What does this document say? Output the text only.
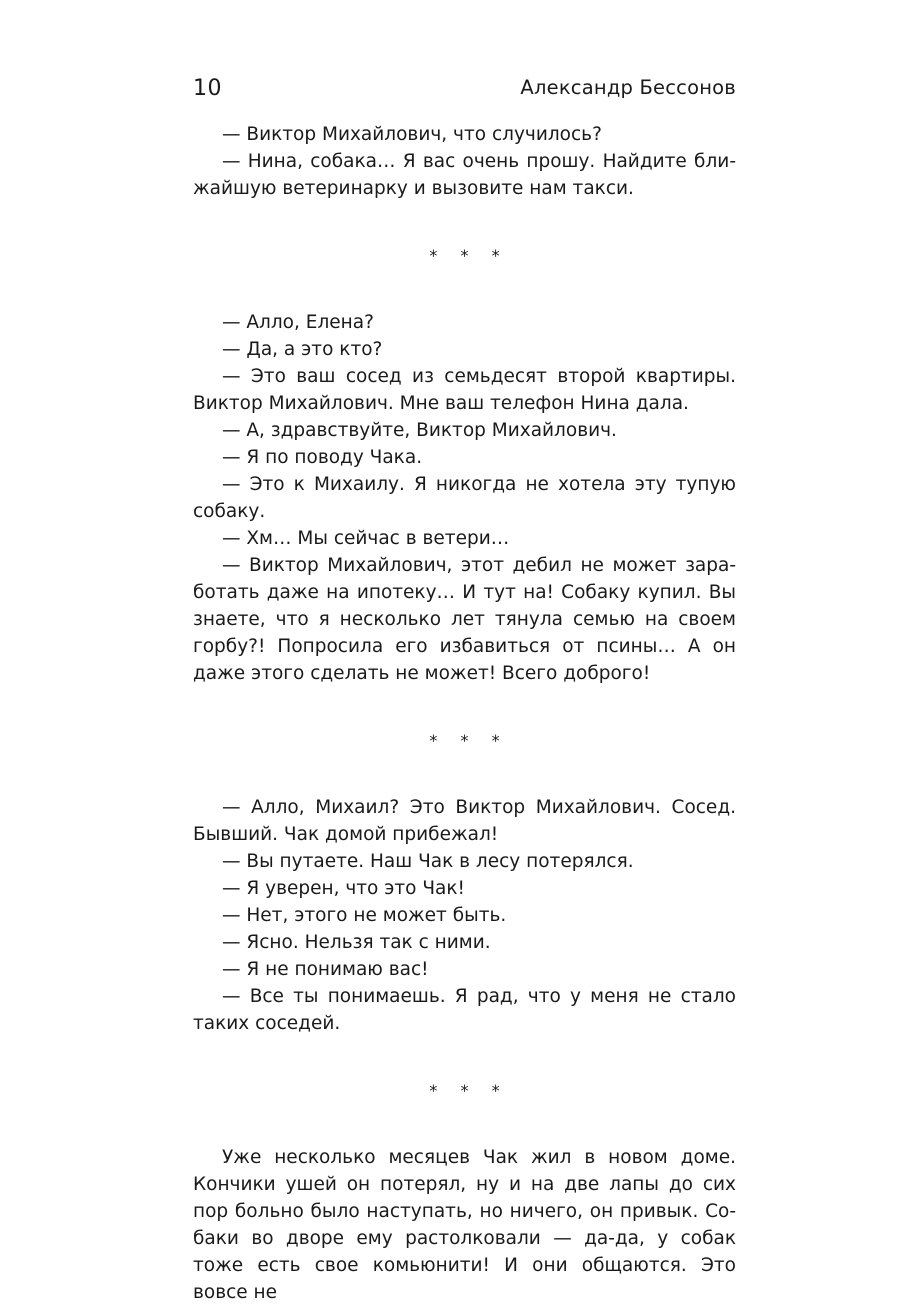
10	Александр Бессонов

— Виктор Михайлович, что случилось?

— Нина, собака… Я вас очень прошу. Найдите бли-жайшую ветеринарку и вызовите нам такси.

* * *

— Алло, Елена?

— Да, а это кто?

— Это ваш сосед из семьдесят второй квартиры. Виктор Михайлович. Мне ваш телефон Нина дала.

— А, здравствуйте, Виктор Михайлович.

— Я по поводу Чака.

— Это к Михаилу. Я никогда не хотела эту тупую собаку.

— Хм… Мы сейчас в ветери…

— Виктор Михайлович, этот дебил не может зара-ботать даже на ипотеку… И тут на! Собаку купил. Вы знаете, что я несколько лет тянула семью на своем горбу?! Попросила его избавиться от псины… А он даже этого сделать не может! Всего доброго!

* * *

— Алло, Михаил? Это Виктор Михайлович. Сосед. Бывший. Чак домой прибежал!

— Вы путаете. Наш Чак в лесу потерялся.

— Я уверен, что это Чак!

— Нет, этого не может быть.

— Ясно. Нельзя так с ними.

— Я не понимаю вас!

— Все ты понимаешь. Я рад, что у меня не стало таких соседей.

* * *

Уже несколько месяцев Чак жил в новом доме. Кончики ушей он потерял, ну и на две лапы до сих пор больно было наступать, но ничего, он привык. Со-баки во дворе ему растолковали — да-да, у собак тоже есть свое комьюнити! И они общаются. Это вовсе не
